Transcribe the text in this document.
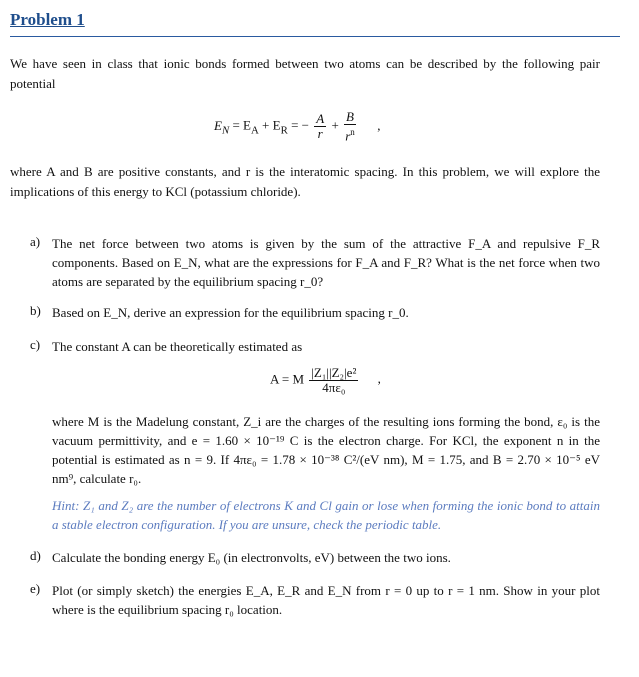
Problem 1
We have seen in class that ionic bonds formed between two atoms can be described by the following pair potential
$E_N = E_A + E_R$ = − $\frac{A}{r} + \frac{B}{r^n}$ ,
where A and B are positive constants, and r is the interatomic spacing. In this problem, we will explore the implications of this energy to KCl (potassium chloride).
a) The net force between two atoms is given by the sum of the attractive F_A and repulsive F_R components. Based on E_N, what are the expressions for F_A and F_R? What is the net force when two atoms are separated by the equilibrium spacing r_0?
b) Based on E_N, derive an expression for the equilibrium spacing r_0.
c) The constant A can be theoretically estimated as
A = M $\frac{\text{|Z₁||Z₂|e²}}{\text{4πε₀}}$ ,
where M is the Madelung constant, Z_i are the charges of the resulting ions forming the bond, ε₀ is the vacuum permittivity, and e = 1.60 × 10⁻¹⁹ C is the electron charge. For KCl, the exponent n in the potential is estimated as n = 9. If 4πε₀ = 1.78 × 10⁻³⁸ C²/(eV nm), M = 1.75, and B = 2.70 × 10⁻⁵ eV nm⁹, calculate r₀.
Hint: Z₁ and Z₂ are the number of electrons K and Cl gain or lose when forming the ionic bond to attain a stable electron configuration. If you are unsure, check the periodic table.
d) Calculate the bonding energy E₀ (in electronvolts, eV) between the two ions.
e) Plot (or simply sketch) the energies E_A, E_R and E_N from r = 0 up to r = 1 nm. Show in your plot where is the equilibrium spacing r₀ location.
